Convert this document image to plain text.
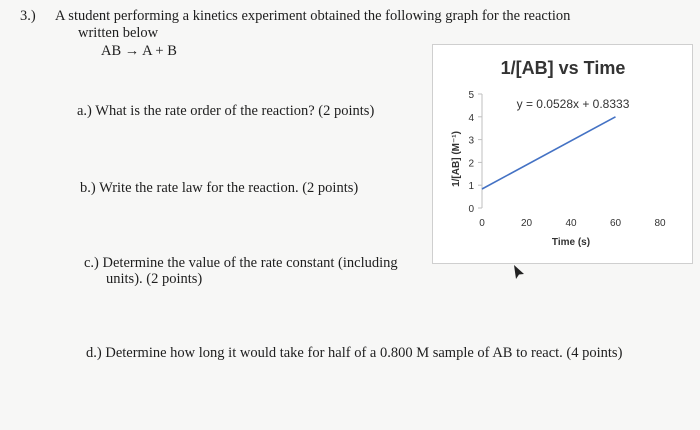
3.) A student performing a kinetics experiment obtained the following graph for the reaction
written below
AB → A + B
a.) What is the rate order of the reaction? (2 points)
b.) Write the rate law for the reaction. (2 points)
c.) Determine the value of the rate constant (including
units). (2 points)
d.) Determine how long it would take for half of a 0.800 M sample of AB to react. (4 points)
1/[AB] vs Time
y = 0.0528x + 0.8333
1/[AB] (M⁻¹)
Time (s)
0
1
2
3
4
5
0	20	40	60	80
